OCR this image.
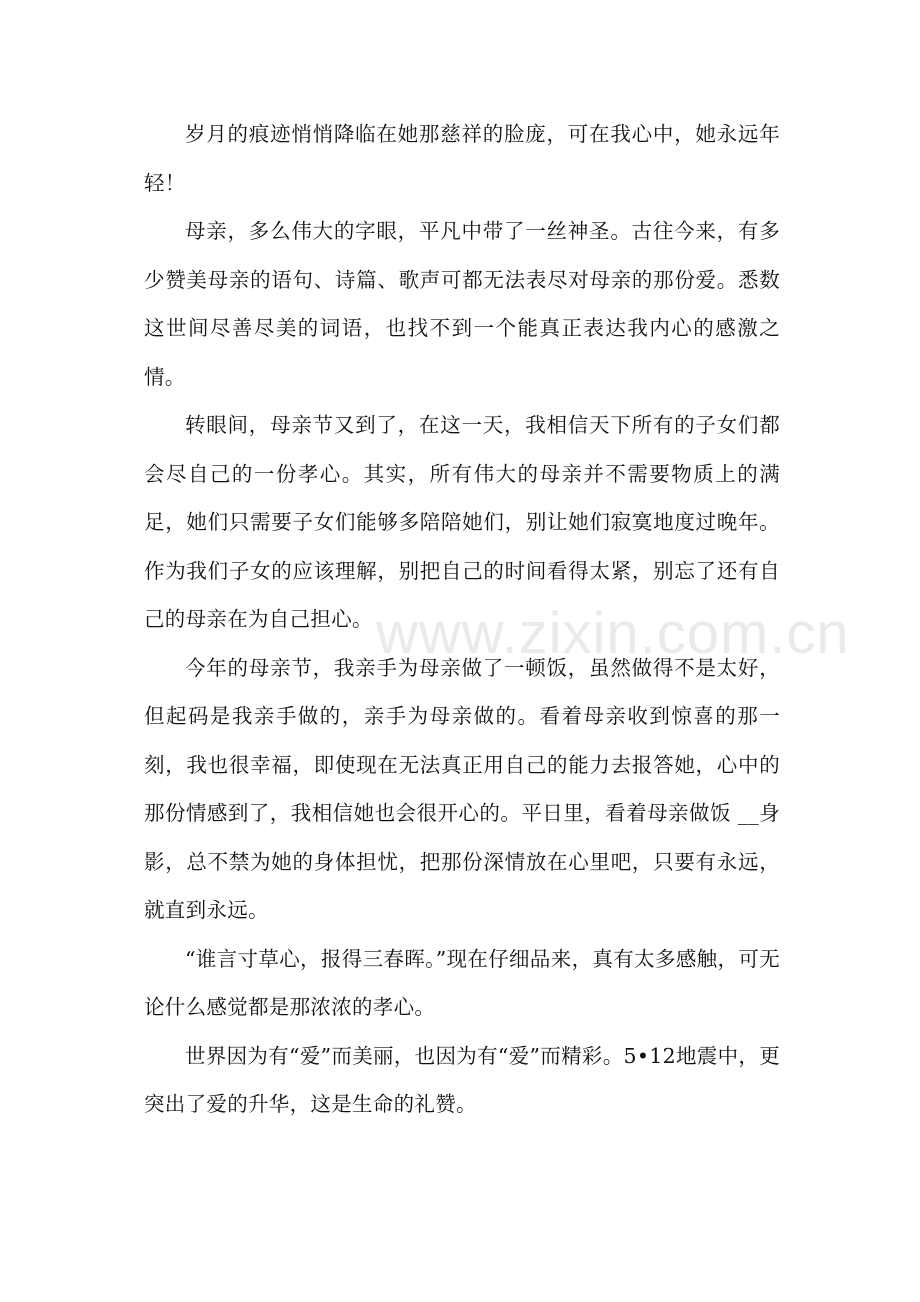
岁月的痕迹悄悄降临在她那慈祥的脸庞，可在我心中，她永远年轻！

母亲，多么伟大的字眼，平凡中带了一丝神圣。古往今来，有多少赞美母亲的语句、诗篇、歌声可都无法表尽对母亲的那份爱。悉数这世间尽善尽美的词语，也找不到一个能真正表达我内心的感激之情。

转眼间，母亲节又到了，在这一天，我相信天下所有的子女们都会尽自己的一份孝心。其实，所有伟大的母亲并不需要物质上的满足，她们只需要子女们能够多陪陪她们，别让她们寂寞地度过晚年。作为我们子女的应该理解，别把自己的时间看得太紧，别忘了还有自己的母亲在为自己担心。

今年的母亲节，我亲手为母亲做了一顿饭，虽然做得不是太好，但起码是我亲手做的，亲手为母亲做的。看着母亲收到惊喜的那一刻，我也很幸福，即使现在无法真正用自己的能力去报答她，心中的那份情感到了，我相信她也会很开心的。平日里，看着母亲做饭 __身影，总不禁为她的身体担忧，把那份深情放在心里吧，只要有永远，就直到永远。

“谁言寸草心，报得三春晖。”现在仔细品来，真有太多感触，可无论什么感觉都是那浓浓的孝心。

世界因为有“爱”而美丽，也因为有“爱”而精彩。5•12地震中，更突出了爱的升华，这是生命的礼赞。

www.zixin.com.cn
